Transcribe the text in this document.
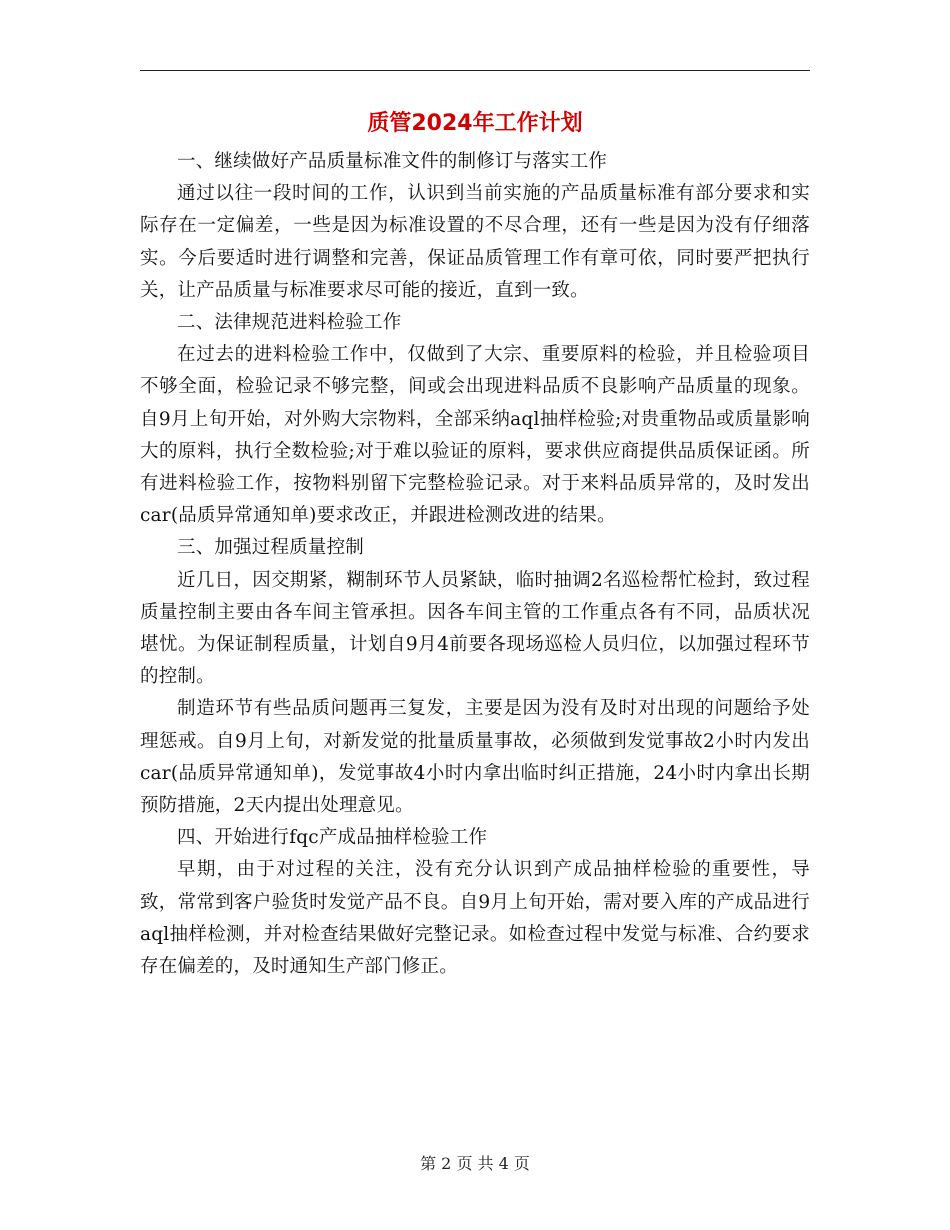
质管2024年工作计划

一、继续做好产品质量标准文件的制修订与落实工作

通过以往一段时间的工作，认识到当前实施的产品质量标准有部分要求和实际存在一定偏差，一些是因为标准设置的不尽合理，还有一些是因为没有仔细落实。今后要适时进行调整和完善，保证品质管理工作有章可依，同时要严把执行关，让产品质量与标准要求尽可能的接近，直到一致。

二、法律规范进料检验工作

在过去的进料检验工作中，仅做到了大宗、重要原料的检验，并且检验项目不够全面，检验记录不够完整，间或会出现进料品质不良影响产品质量的现象。自9月上旬开始，对外购大宗物料，全部采纳aql抽样检验;对贵重物品或质量影响大的原料，执行全数检验;对于难以验证的原料，要求供应商提供品质保证函。所有进料检验工作，按物料别留下完整检验记录。对于来料品质异常的，及时发出car(品质异常通知单)要求改正，并跟进检测改进的结果。

三、加强过程质量控制

近几日，因交期紧，糊制环节人员紧缺，临时抽调2名巡检帮忙检封，致过程质量控制主要由各车间主管承担。因各车间主管的工作重点各有不同，品质状况堪忧。为保证制程质量，计划自9月4前要各现场巡检人员归位，以加强过程环节的控制。

制造环节有些品质问题再三复发，主要是因为没有及时对出现的问题给予处理惩戒。自9月上旬，对新发觉的批量质量事故，必须做到发觉事故2小时内发出car(品质异常通知单)，发觉事故4小时内拿出临时纠正措施，24小时内拿出长期预防措施，2天内提出处理意见。

四、开始进行fqc产成品抽样检验工作

早期，由于对过程的关注，没有充分认识到产成品抽样检验的重要性，导致，常常到客户验货时发觉产品不良。自9月上旬开始，需对要入库的产成品进行aql抽样检测，并对检查结果做好完整记录。如检查过程中发觉与标准、合约要求存在偏差的，及时通知生产部门修正。

第 2 页 共 4 页
